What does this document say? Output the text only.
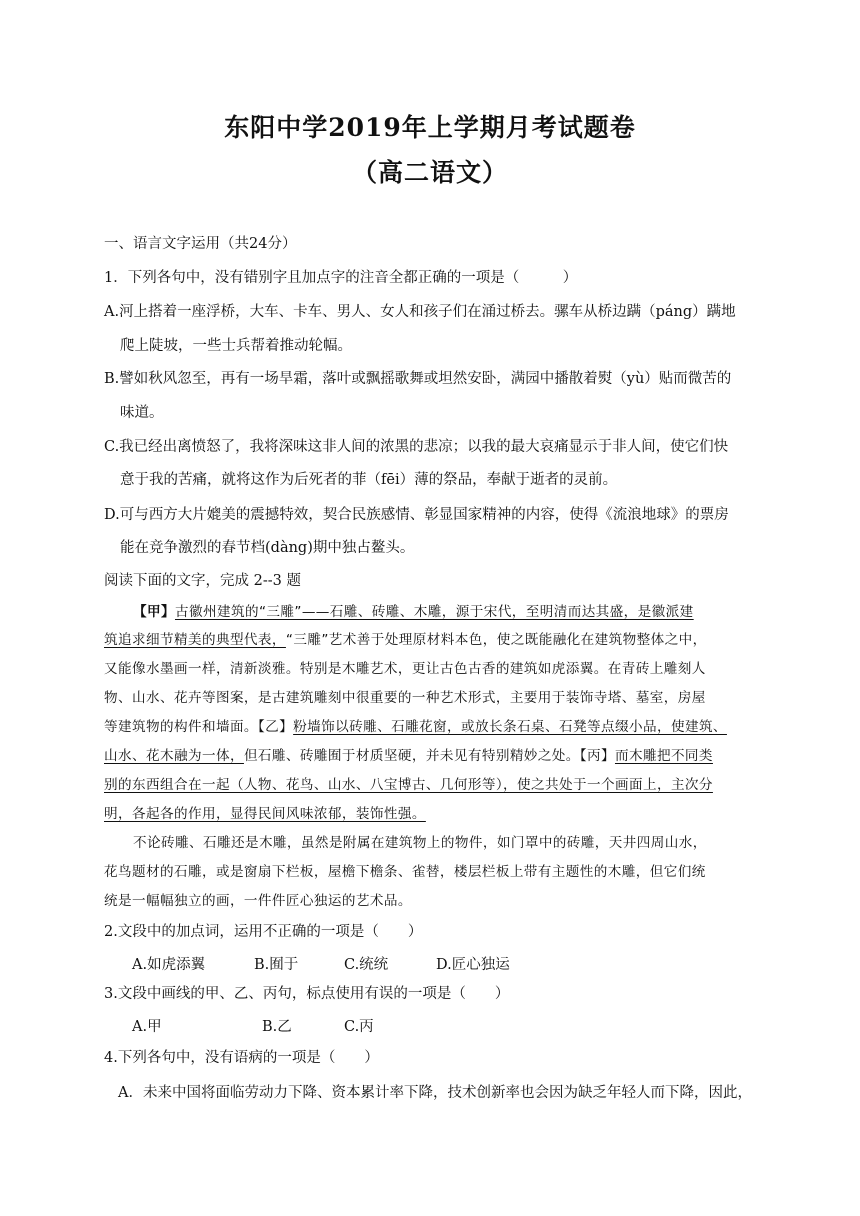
东阳中学2019年上学期月考试题卷
（高二语文）
一、语言文字运用（共24分）
1．下列各句中，没有错别字且加点字的注音全都正确的一项是（　　　）
A.河上搭着一座浮桥，大车、卡车、男人、女人和孩子们在涌过桥去。骡车从桥边蹒（páng）蹒地
爬上陡坡，一些士兵帮着推动轮幅。
B.譬如秋风忽至，再有一场旱霜，落叶或飘摇歌舞或坦然安卧，满园中播散着熨（yù）贴而微苦的
味道。
C.我已经出离愤怒了，我将深味这非人间的浓黑的悲凉；以我的最大哀痛显示于非人间，使它们快
意于我的苦痛，就将这作为后死者的菲（fēi）薄的祭品，奉献于逝者的灵前。
D.可与西方大片媲美的震撼特效，契合民族感情、彰显国家精神的内容，使得《流浪地球》的票房
能在竞争激烈的春节档(dàng)期中独占鳌头。
阅读下面的文字，完成 2--3 题
【甲】古徽州建筑的“三雕”——石雕、砖雕、木雕，源于宋代，至明清而达其盛，是徽派建
筑追求细节精美的典型代表，“三雕”艺术善于处理原材料本色，使之既能融化在建筑物整体之中，
又能像水墨画一样，清新淡雅。特别是木雕艺术，更让古色古香的建筑如虎添翼。在青砖上雕刻人
物、山水、花卉等图案，是古建筑雕刻中很重要的一种艺术形式，主要用于装饰寺塔、墓室，房屋
等建筑物的构件和墙面。【乙】粉墙饰以砖雕、石雕花窗，或放长条石桌、石凳等点缀小品，使建筑、
山水、花木融为一体，但石雕、砖雕囿于材质坚硬，并未见有特别精妙之处。【丙】而木雕把不同类
别的东西组合在一起（人物、花鸟、山水、八宝博古、几何形等），使之共处于一个画面上，主次分
明，各起各的作用，显得民间风味浓郁，装饰性强。
不论砖雕、石雕还是木雕，虽然是附属在建筑物上的物件，如门罩中的砖雕，天井四周山水，
花鸟题材的石雕，或是窗扇下栏板，屋檐下檐条、雀替，楼层栏板上带有主题性的木雕，但它们统
统是一幅幅独立的画，一件件匠心独运的艺术品。
2.文段中的加点词，运用不正确的一项是（　　）
A.如虎添翼	B.囿于	C.统统	D.匠心独运
3.文段中画线的甲、乙、丙句，标点使用有误的一项是（　　）
A.甲	B.乙	C.丙
4.下列各句中，没有语病的一项是（　　）
A．未来中国将面临劳动力下降、资本累计率下降，技术创新率也会因为缺乏年轻人而下降，因此，
